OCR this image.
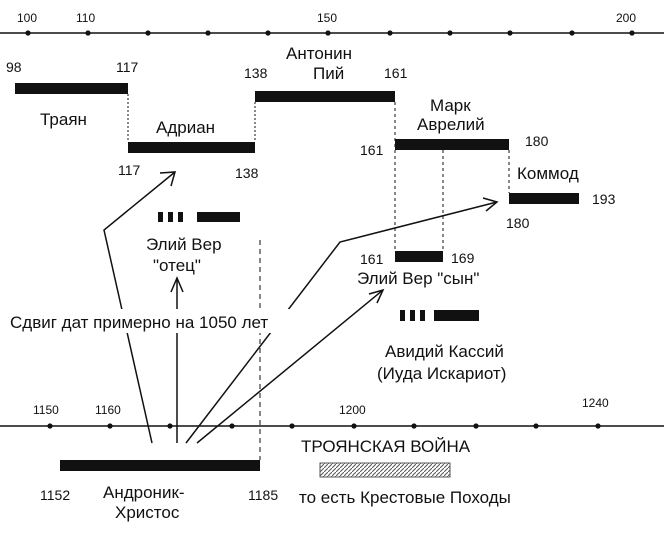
100	110	150	200
98	117
Траян	Адриан
117	138
138
Антонин
Пий	161
Марк
Аврелий
161
180
Коммод
193
180
Элий Вер
"отец"	161	169
Элий Вер "сын"
Авидий Кассий
(Иуда Искариот)
Сдвиг дат примерно на 1050 лет
1150	1160	1200	1240
1152	1185
Андроник-
Христос
ТРОЯНСКАЯ ВОЙНА
то есть Крестовые Походы
